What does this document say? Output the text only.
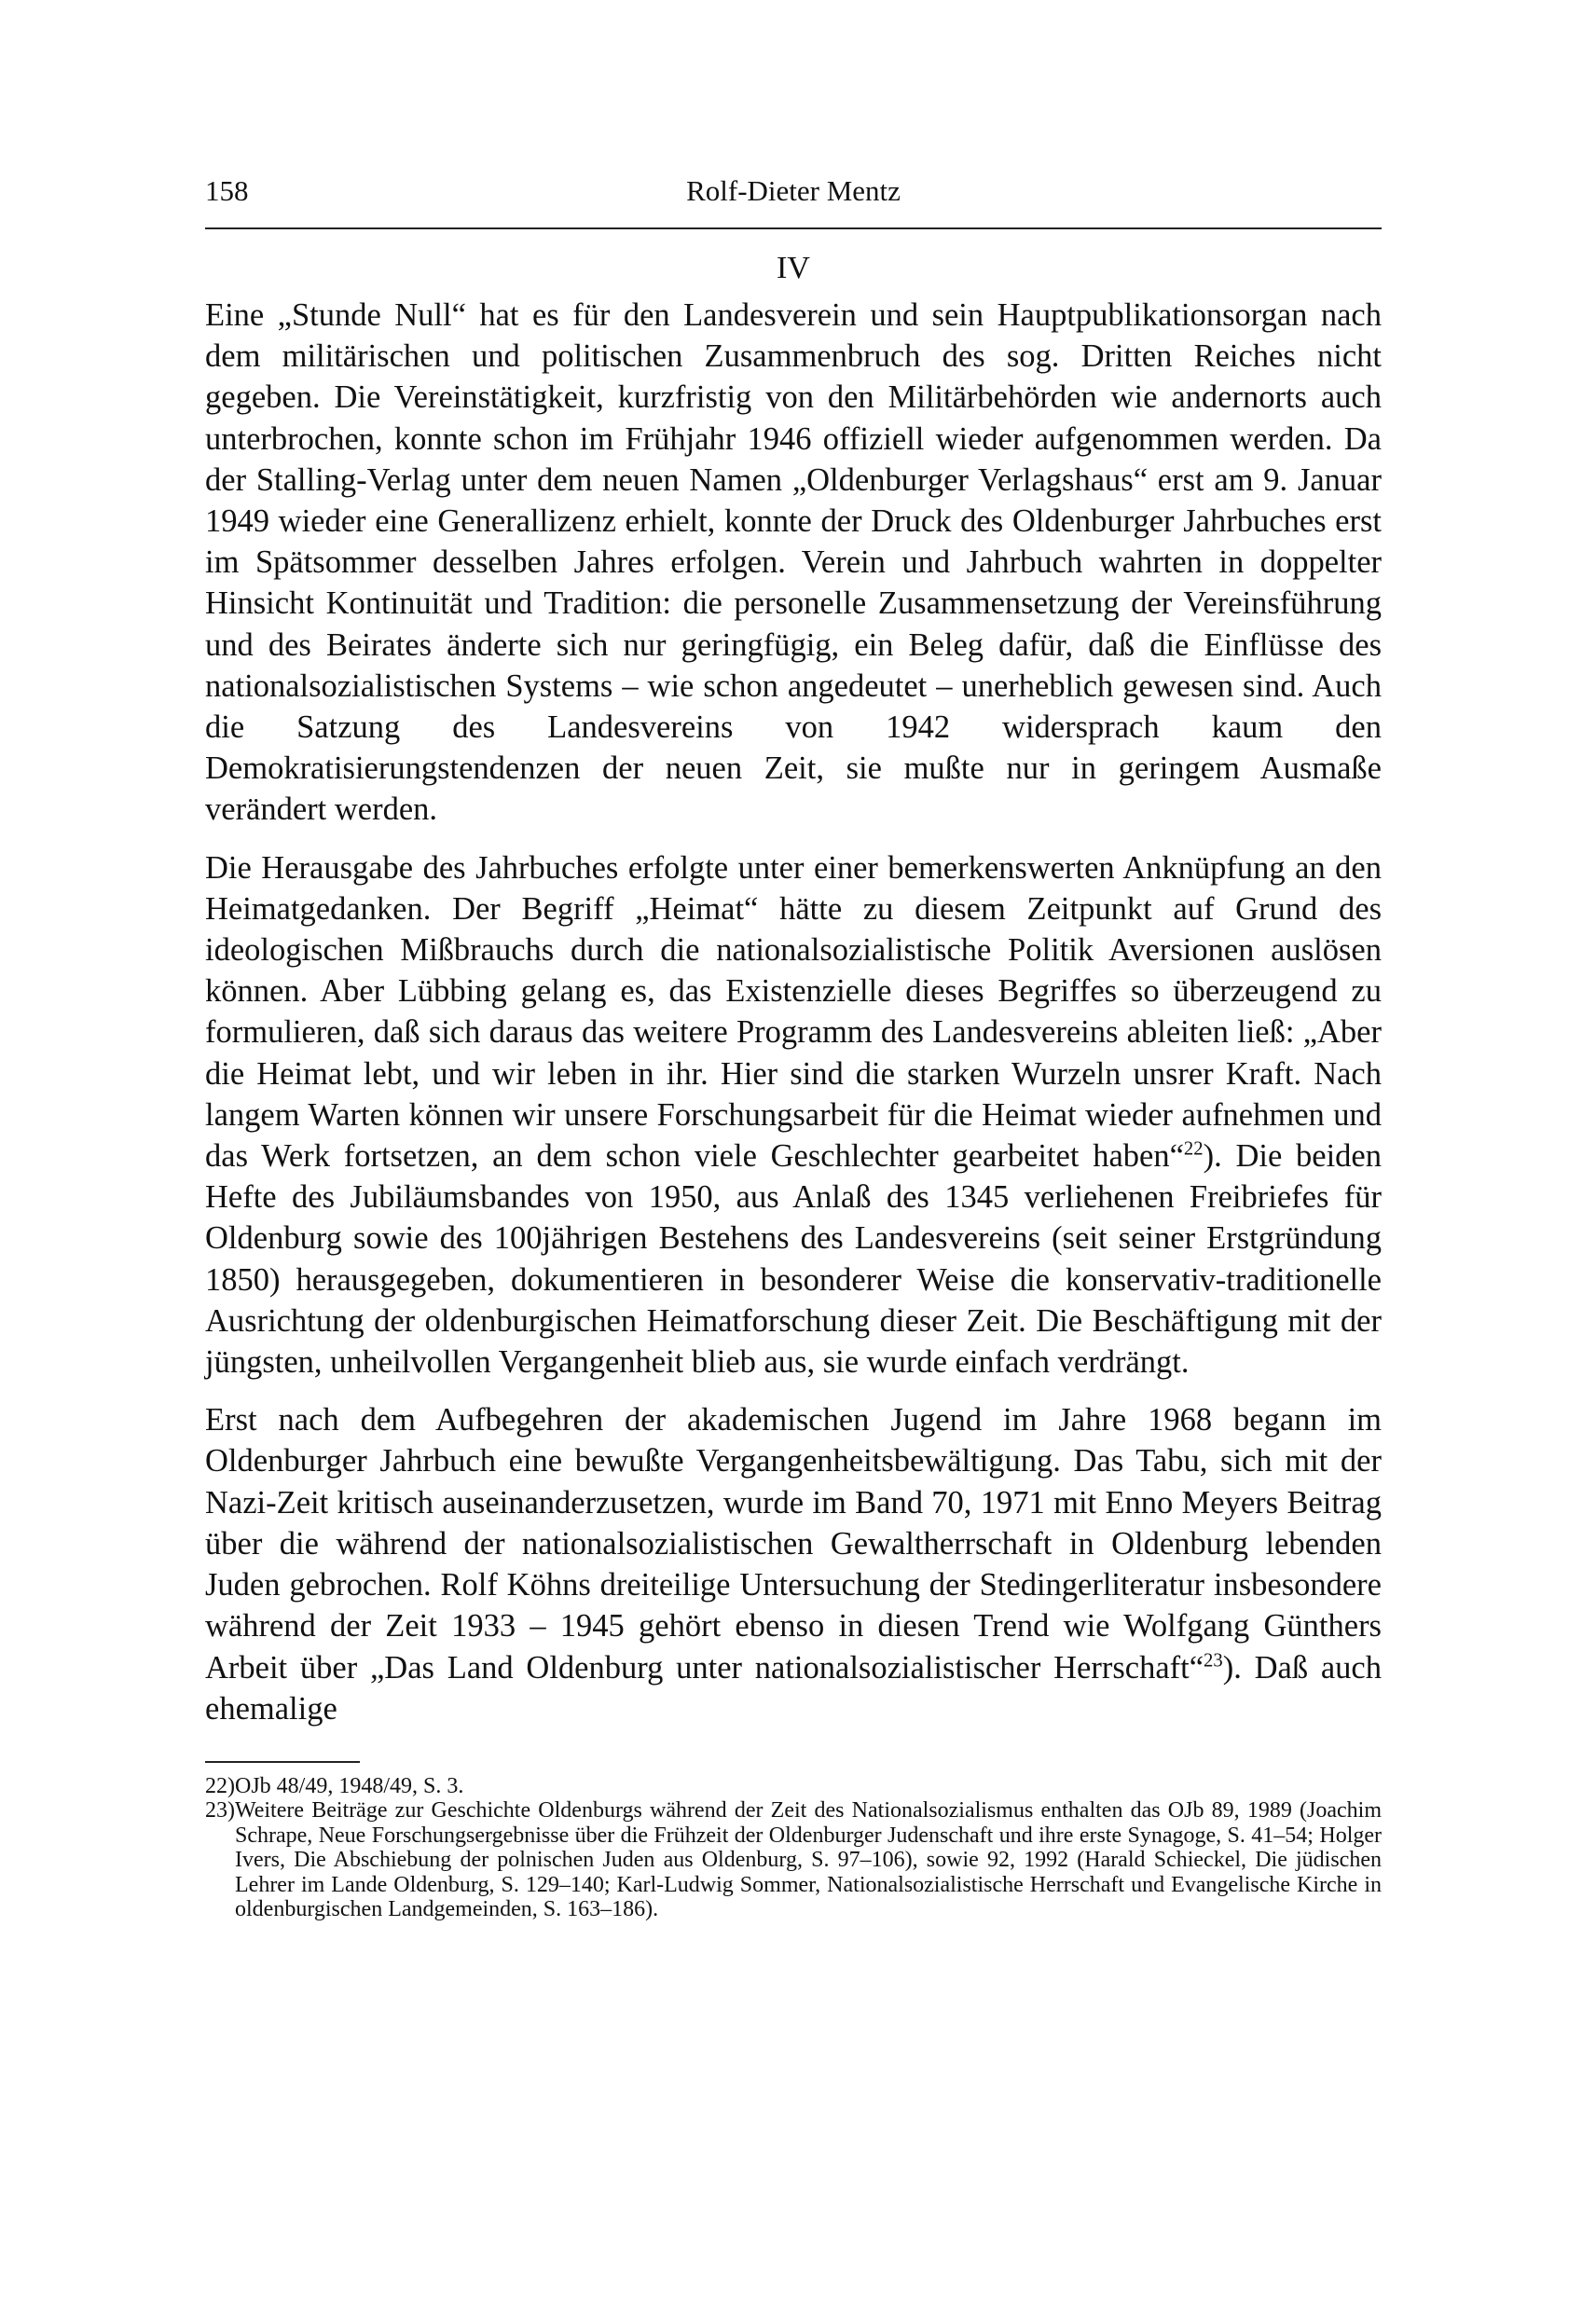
158	Rolf-Dieter Mentz
IV

Eine „Stunde Null“ hat es für den Landesverein und sein Hauptpublikationsorgan nach dem militärischen und politischen Zusammenbruch des sog. Dritten Reiches nicht gegeben. Die Vereinstätigkeit, kurzfristig von den Militärbehörden wie andernorts auch unterbrochen, konnte schon im Frühjahr 1946 offiziell wieder aufgenommen werden. Da der Stalling-Verlag unter dem neuen Namen „Oldenburger Verlagshaus“ erst am 9. Januar 1949 wieder eine Generallizenz erhielt, konnte der Druck des Oldenburger Jahrbuches erst im Spätsommer desselben Jahres erfolgen. Verein und Jahrbuch wahrten in doppelter Hinsicht Kontinuität und Tradition: die personelle Zusammensetzung der Vereinsführung und des Beirates änderte sich nur geringfügig, ein Beleg dafür, daß die Einflüsse des nationalsozialistischen Systems – wie schon angedeutet – unerheblich gewesen sind. Auch die Satzung des Landesvereins von 1942 widersprach kaum den Demokratisierungstendenzen der neuen Zeit, sie mußte nur in geringem Ausmaße verändert werden.

Die Herausgabe des Jahrbuches erfolgte unter einer bemerkenswerten Anknüpfung an den Heimatgedanken. Der Begriff „Heimat“ hätte zu diesem Zeitpunkt auf Grund des ideologischen Mißbrauchs durch die nationalsozialistische Politik Aversionen auslösen können. Aber Lübbing gelang es, das Existenzielle dieses Begriffes so überzeugend zu formulieren, daß sich daraus das weitere Programm des Landesvereins ableiten ließ: „Aber die Heimat lebt, und wir leben in ihr. Hier sind die starken Wurzeln unsrer Kraft. Nach langem Warten können wir unsere Forschungsarbeit für die Heimat wieder aufnehmen und das Werk fortsetzen, an dem schon viele Geschlechter gearbeitet haben“$^{22}$). Die beiden Hefte des Jubiläumsbandes von 1950, aus Anlaß des 1345 verliehenen Freibriefes für Oldenburg sowie des 100jährigen Bestehens des Landesvereins (seit seiner Erstgründung 1850) herausgegeben, dokumentieren in besonderer Weise die konservativ-traditionelle Ausrichtung der oldenburgischen Heimatforschung dieser Zeit. Die Beschäftigung mit der jüngsten, unheilvollen Vergangenheit blieb aus, sie wurde einfach verdrängt.

Erst nach dem Aufbegehren der akademischen Jugend im Jahre 1968 begann im Oldenburger Jahrbuch eine bewußte Vergangenheitsbewältigung. Das Tabu, sich mit der Nazi-Zeit kritisch auseinanderzusetzen, wurde im Band 70, 1971 mit Enno Meyers Beitrag über die während der nationalsozialistischen Gewaltherrschaft in Oldenburg lebenden Juden gebrochen. Rolf Köhns dreiteilige Untersuchung der Stedingerliteratur insbesondere während der Zeit 1933 – 1945 gehört ebenso in diesen Trend wie Wolfgang Günthers Arbeit über „Das Land Oldenburg unter nationalsozialistischer Herrschaft“$^{23}$). Daß auch ehemalige

22)OJb 48/49, 1948/49, S. 3.

23)Weitere Beiträge zur Geschichte Oldenburgs während der Zeit des Nationalsozialismus enthalten das OJb 89, 1989 (Joachim Schrape, Neue Forschungsergebnisse über die Frühzeit der Oldenburger Judenschaft und ihre erste Synagoge, S. 41–54; Holger Ivers, Die Abschiebung der polnischen Juden aus Oldenburg, S. 97–106), sowie 92, 1992 (Harald Schieckel, Die jüdischen Lehrer im Lande Oldenburg, S. 129–140; Karl-Ludwig Sommer, Nationalsozialistische Herrschaft und Evangelische Kirche in oldenburgischen Landgemeinden, S. 163–186).
